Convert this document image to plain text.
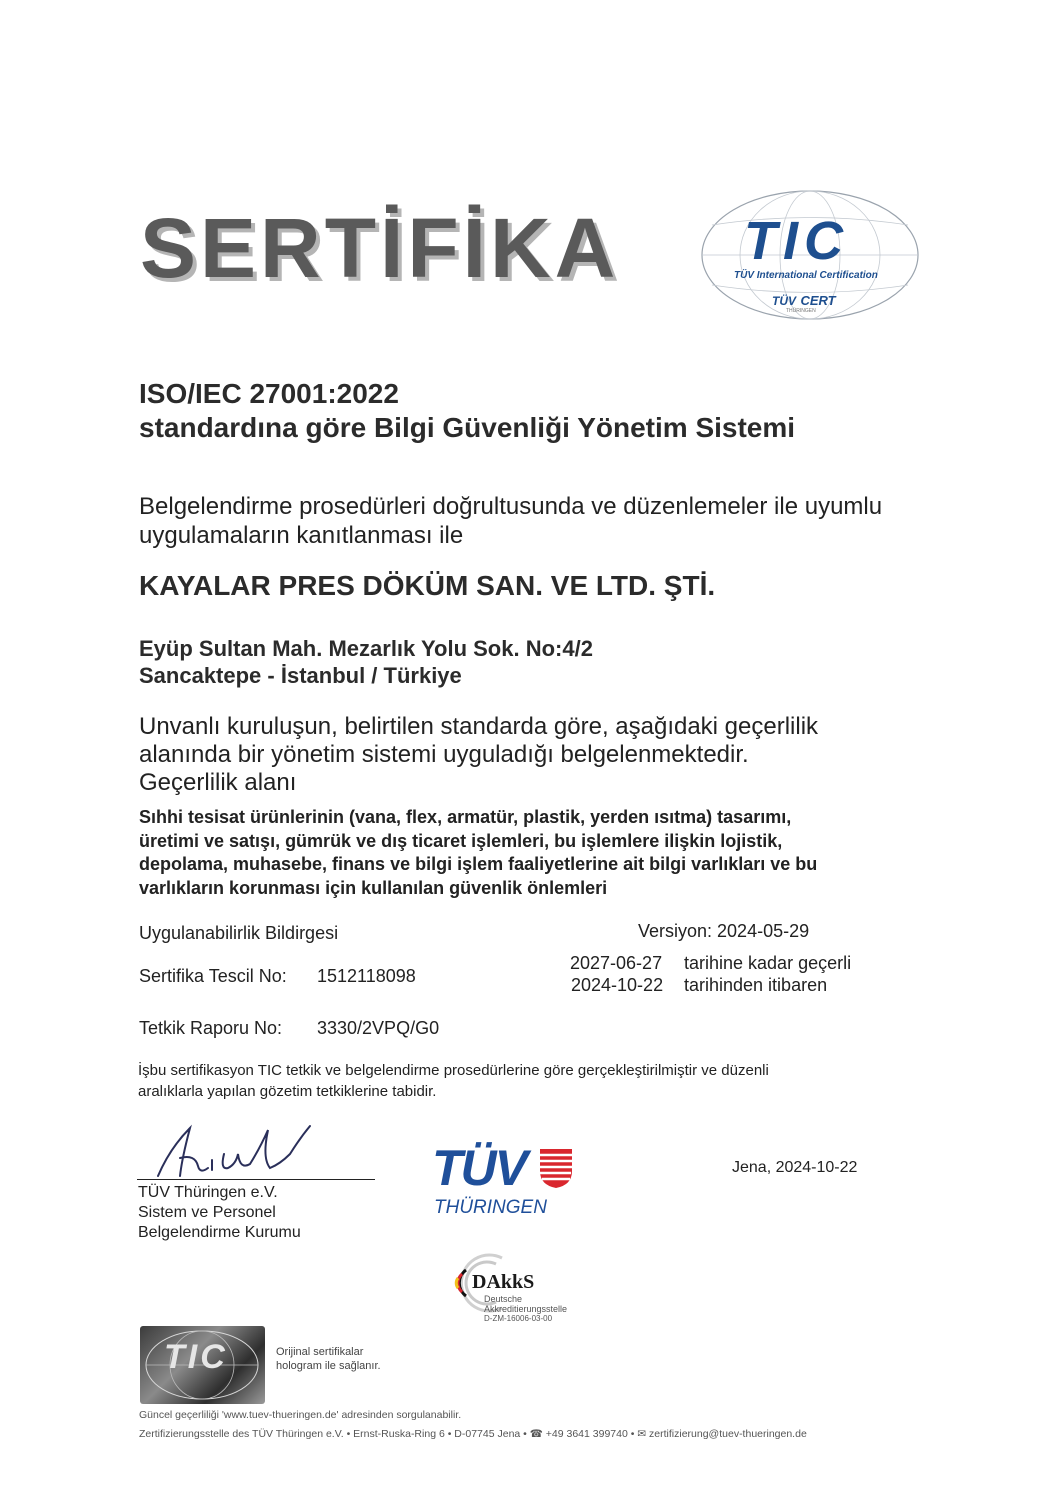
SERTİFİKA TIC
TÜV International Certification
TÜV CERT
THÜRINGEN
ISO/IEC 27001:2022
standardına göre Bilgi Güvenliği Yönetim Sistemi
Belgelendirme prosedürleri doğrultusunda ve düzenlemeler ile uyumlu
uygulamaların kanıtlanması ile
KAYALAR PRES DÖKÜM SAN. VE LTD. ŞTİ.
Eyüp Sultan Mah. Mezarlık Yolu Sok. No:4/2
Sancaktepe - İstanbul / Türkiye
Unvanlı kuruluşun, belirtilen standarda göre, aşağıdaki geçerlilik
alanında bir yönetim sistemi uyguladığı belgelenmektedir.
Geçerlilik alanı
Sıhhi tesisat ürünlerinin (vana, flex, armatür, plastik, yerden ısıtma) tasarımı,
üretimi ve satışı, gümrük ve dış ticaret işlemleri, bu işlemlere ilişkin lojistik,
depolama, muhasebe, finans ve bilgi işlem faaliyetlerine ait bilgi varlıkları ve bu
varlıkların korunması için kullanılan güvenlik önlemleri
Uygulanabilirlik Bildirgesi	Versiyon: 2024-05-29
Sertifika Tescil No: 1512118098
2027-06-27 tarihine kadar geçerli
2024-10-22 tarihinden itibaren
Tetkik Raporu No: 3330/2VPQ/G0
İşbu sertifikasyon TIC tetkik ve belgelendirme prosedürlerine göre gerçekleştirilmiştir ve düzenli
aralıklarla yapılan gözetim tetkiklerine tabidir.
TÜV Thüringen e.V.
Sistem ve Personel
Belgelendirme Kurumu
TÜV
THÜRINGEN
Jena, 2024-10-22
DAkkS
Deutsche
Akkreditierungsstelle
D-ZM-16006-03-00
TIC	Orijinal sertifikalar
hologram ile sağlanır.
Güncel geçerliliği 'www.tuev-thueringen.de' adresinden sorgulanabilir.
Zertifizierungsstelle des TÜV Thüringen e.V. • Ernst-Ruska-Ring 6 • D-07745 Jena • ☎ +49 3641 399740 • ✉ zertifizierung@tuev-thueringen.de
